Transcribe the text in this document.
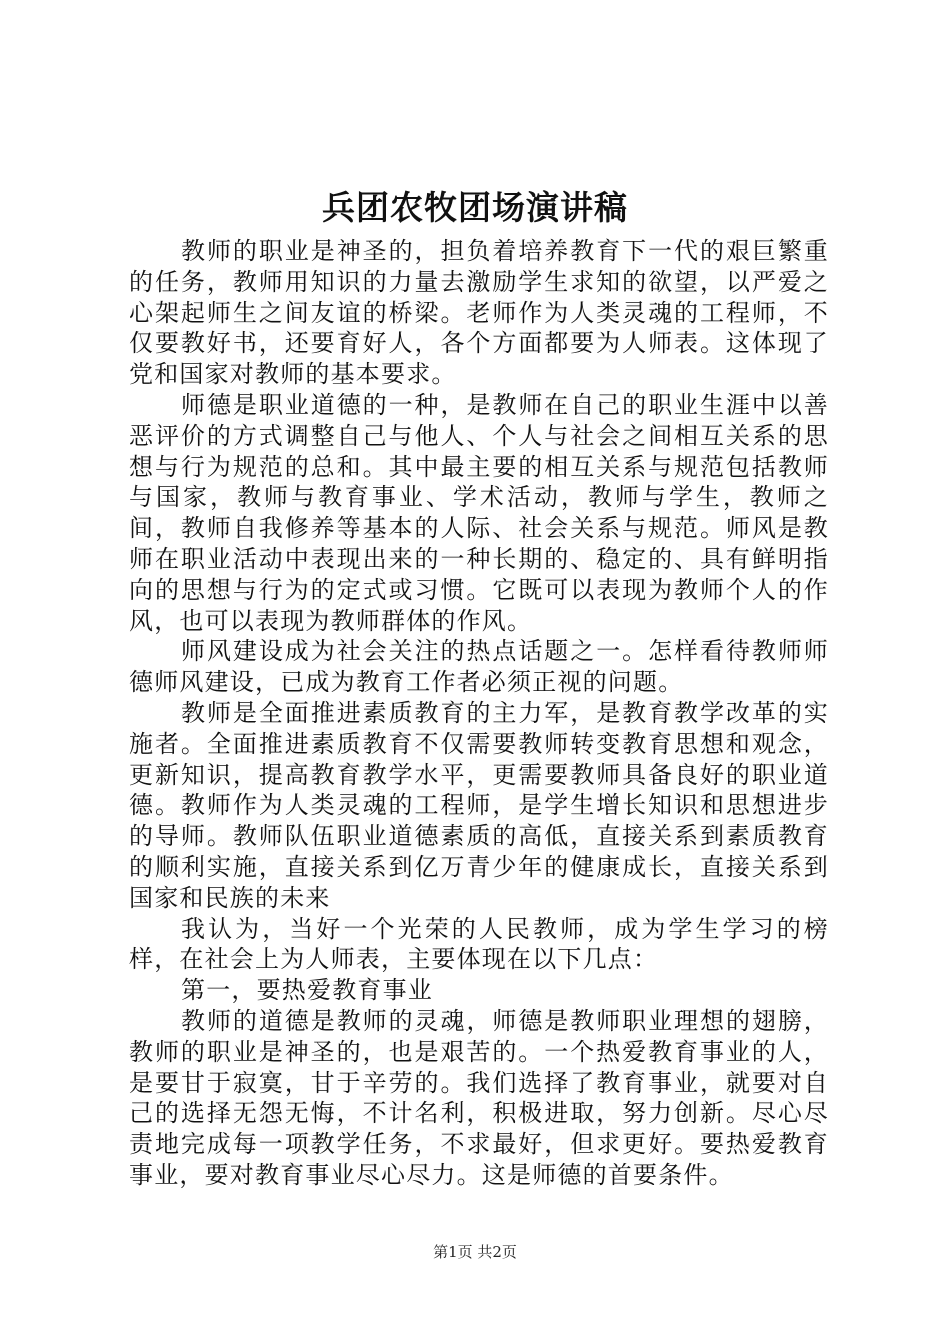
兵团农牧团场演讲稿

教师的职业是神圣的，担负着培养教育下一代的艰巨繁重的任务，教师用知识的力量去激励学生求知的欲望，以严爱之心架起师生之间友谊的桥梁。老师作为人类灵魂的工程师，不仅要教好书，还要育好人，各个方面都要为人师表。这体现了党和国家对教师的基本要求。

师德是职业道德的一种，是教师在自己的职业生涯中以善恶评价的方式调整自己与他人、个人与社会之间相互关系的思想与行为规范的总和。其中最主要的相互关系与规范包括教师与国家，教师与教育事业、学术活动，教师与学生，教师之间，教师自我修养等基本的人际、社会关系与规范。师风是教师在职业活动中表现出来的一种长期的、稳定的、具有鲜明指向的思想与行为的定式或习惯。它既可以表现为教师个人的作风，也可以表现为教师群体的作风。

师风建设成为社会关注的热点话题之一。怎样看待教师师德师风建设，已成为教育工作者必须正视的问题。

教师是全面推进素质教育的主力军，是教育教学改革的实施者。全面推进素质教育不仅需要教师转变教育思想和观念，更新知识，提高教育教学水平，更需要教师具备良好的职业道德。教师作为人类灵魂的工程师，是学生增长知识和思想进步的导师。教师队伍职业道德素质的高低，直接关系到素质教育的顺利实施，直接关系到亿万青少年的健康成长，直接关系到国家和民族的未来

我认为，当好一个光荣的人民教师，成为学生学习的榜样，在社会上为人师表，主要体现在以下几点：

第一，要热爱教育事业

教师的道德是教师的灵魂，师德是教师职业理想的翅膀，教师的职业是神圣的，也是艰苦的。一个热爱教育事业的人，是要甘于寂寞，甘于辛劳的。我们选择了教育事业，就要对自己的选择无怨无悔，不计名利，积极进取，努力创新。尽心尽责地完成每一项教学任务，不求最好，但求更好。要热爱教育事业，要对教育事业尽心尽力。这是师德的首要条件。

第1页 共2页
